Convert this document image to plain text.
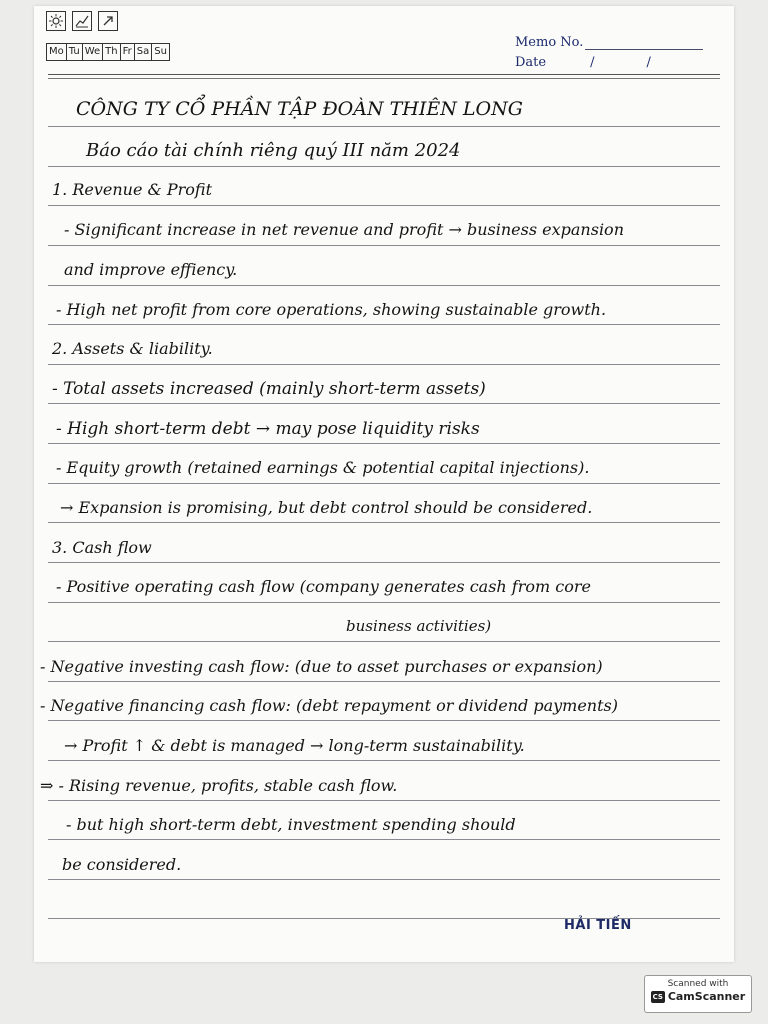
Mo Tu We Th Fr Sa Su
Memo No.
Date	/	/
CÔNG TY CỔ PHẦN TẬP ĐOÀN THIÊN LONG
Báo cáo tài chính riêng quý III năm 2024
1. Revenue & Profit
- Significant increase in net revenue and profit → business expansion
and improve effiency.
- High net profit from core operations, showing sustainable growth.
2. Assets & liability.
- Total assets increased (mainly short-term assets)
- High short-term debt → may pose liquidity risks
- Equity growth (retained earnings & potential capital injections).
→ Expansion is promising, but debt control should be considered.
3. Cash flow
- Positive operating cash flow (company generates cash from core
business activities)
- Negative investing cash flow: (due to asset purchases or expansion)
- Negative financing cash flow: (debt repayment or dividend payments)
→ Profit ↑ & debt is managed → long-term sustainability.
⇒ - Rising revenue, profits, stable cash flow.
- but high short-term debt, investment spending should
be considered.
HẢI TIẾN
Scanned with
CS CamScanner
